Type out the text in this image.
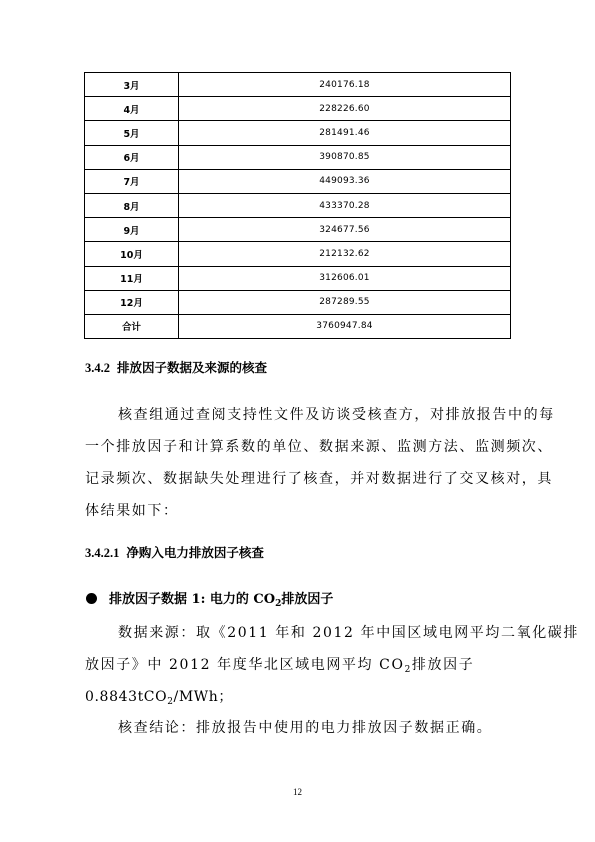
3月	240176.18
4月	228226.60
5月	281491.46
6月	390870.85
7月	449093.36
8月	433370.28
9月	324677.56
10月	212132.62
11月	312606.01
12月	287289.55
合计	3760947.84
3.4.2 排放因子数据及来源的核查
核查组通过查阅支持性文件及访谈受核查方，对排放报告中的每
一个排放因子和计算系数的单位、数据来源、监测方法、监测频次、
记录频次、数据缺失处理进行了核查，并对数据进行了交叉核对，具
体结果如下：
3.4.2.1 净购入电力排放因子核查
排放因子数据 1: 电力的 $CO_2$排放因子
数据来源：取《2011 年和 2012 年中国区域电网平均二氧化碳排
放因子》中 2012 年度华北区域电网平均 $CO_2$排放因子
0.8843tCO$_2$/MWh；
核查结论：排放报告中使用的电力排放因子数据正确。
12
